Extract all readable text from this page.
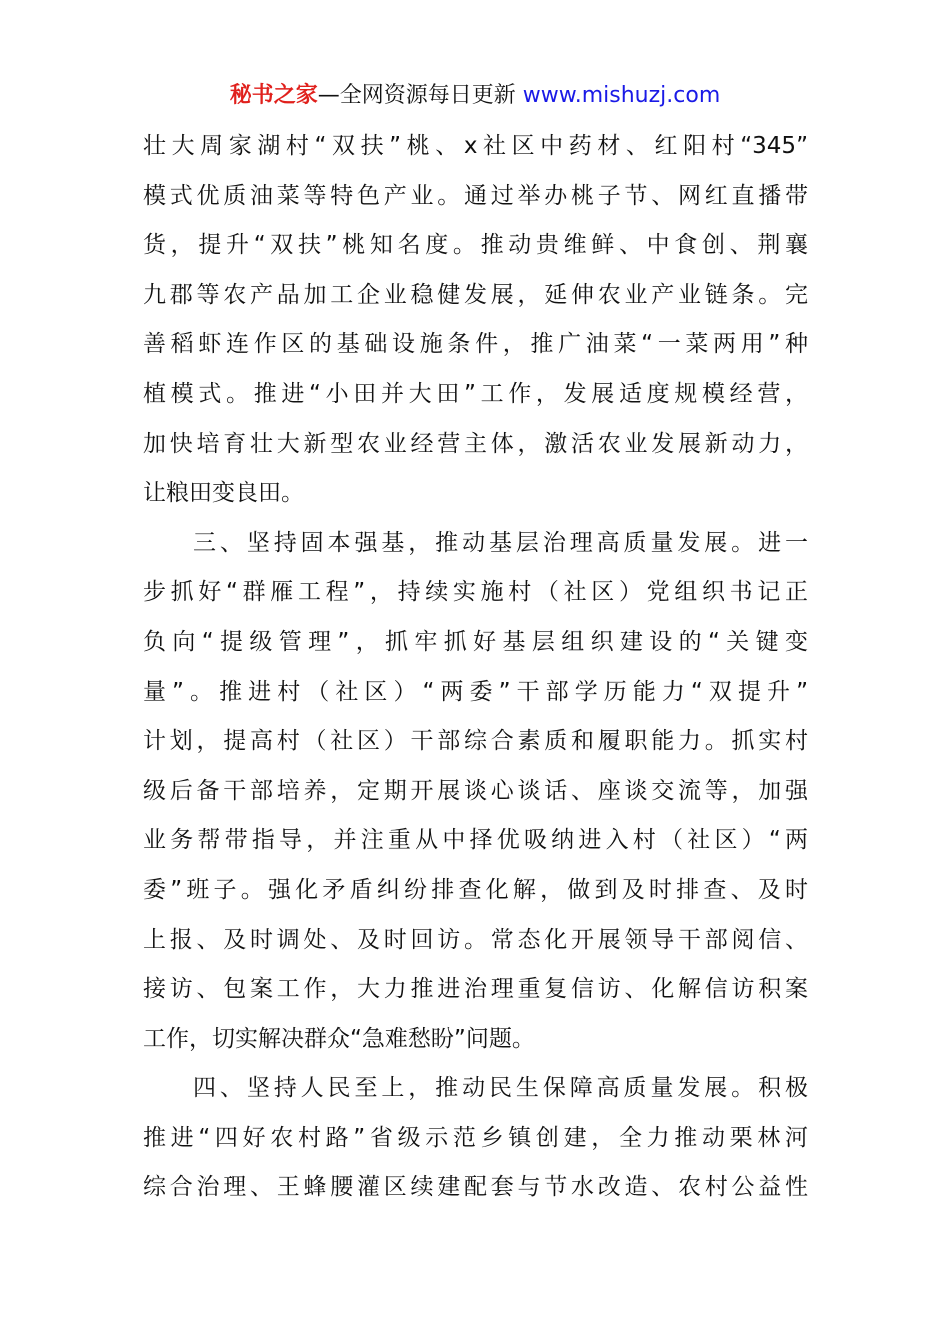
秘书之家—全网资源每日更新 www.mishuzj.com
壮大周家湖村“双扶”桃、x社区中药材、红阳村“345”
模式优质油菜等特色产业。通过举办桃子节、网红直播带
货，提升“双扶”桃知名度。推动贵维鲜、中食创、荆襄
九郡等农产品加工企业稳健发展，延伸农业产业链条。完
善稻虾连作区的基础设施条件，推广油菜“一菜两用”种
植模式。推进“小田并大田”工作，发展适度规模经营，
加快培育壮大新型农业经营主体，激活农业发展新动力，
让粮田变良田。
三、坚持固本强基，推动基层治理高质量发展。进一
步抓好“群雁工程”，持续实施村（社区）党组织书记正
负向“提级管理”，抓牢抓好基层组织建设的“关键变
量”。推进村（社区）“两委”干部学历能力“双提升”
计划，提高村（社区）干部综合素质和履职能力。抓实村
级后备干部培养，定期开展谈心谈话、座谈交流等，加强
业务帮带指导，并注重从中择优吸纳进入村（社区）“两
委”班子。强化矛盾纠纷排查化解，做到及时排查、及时
上报、及时调处、及时回访。常态化开展领导干部阅信、
接访、包案工作，大力推进治理重复信访、化解信访积案
工作，切实解决群众“急难愁盼”问题。
四、坚持人民至上，推动民生保障高质量发展。积极
推进“四好农村路”省级示范乡镇创建，全力推动栗林河
综合治理、王蜂腰灌区续建配套与节水改造、农村公益性
